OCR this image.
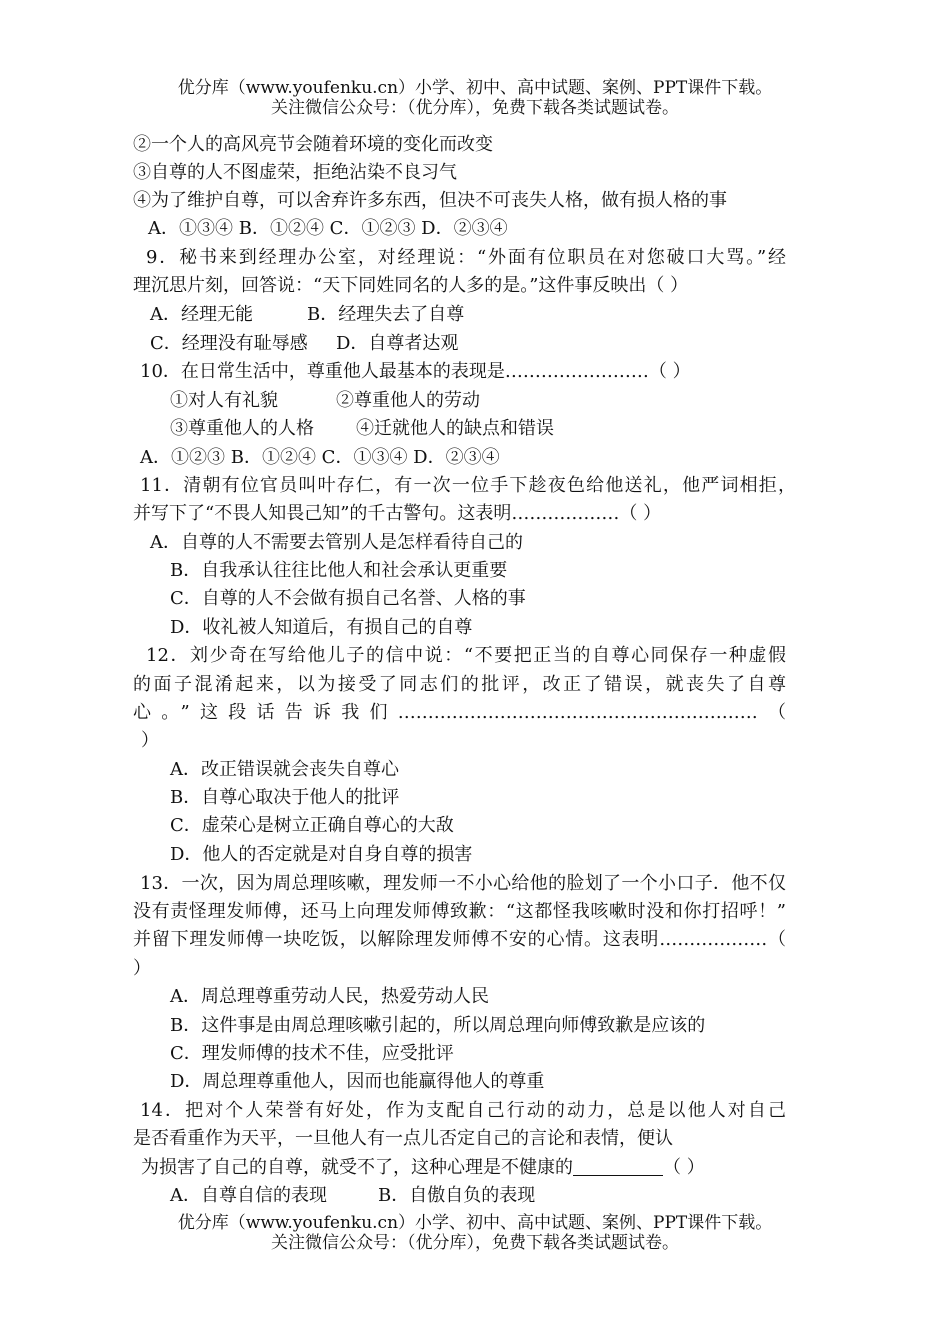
优分库（www.youfenku.cn）小学、初中、高中试题、案例、PPT课件下载。
关注微信公众号：（优分库），免费下载各类试题试卷。
②一个人的高风亮节会随着环境的变化而改变
③自尊的人不图虚荣，拒绝沾染不良习气
④为了维护自尊，可以舍弃许多东西，但决不可丧失人格，做有损人格的事
A．①③④ B．①②④ C．①②③ D．②③④
9．秘书来到经理办公室，对经理说：“外面有位职员在对您破口大骂。”经
理沉思片刻，回答说：“天下同姓同名的人多的是。”这件事反映出（ ）
A．经理无能	B．经理失去了自尊
C．经理没有耻辱感 D．自尊者达观
10．在日常生活中，尊重他人最基本的表现是……………………（ ）
①对人有礼貌	②尊重他人的劳动
③尊重他人的人格 ④迁就他人的缺点和错误
A．①②③ B．①②④ C．①③④ D．②③④
11．清朝有位官员叫叶存仁，有一次一位手下趁夜色给他送礼，他严词相拒，
并写下了“不畏人知畏己知”的千古警句。这表明………………（ ）
A．自尊的人不需要去管别人是怎样看待自己的
B．自我承认往往比他人和社会承认更重要
C．自尊的人不会做有损自己名誉、人格的事
D．收礼被人知道后，有损自己的自尊
12．刘少奇在写给他儿子的信中说：“不要把正当的自尊心同保存一种虚假
的面子混淆起来，以为接受了同志们的批评，改正了错误，就丧失了自尊
心。”这段话告诉我们……………………………………………………（
）
A．改正错误就会丧失自尊心
B．自尊心取决于他人的批评
C．虚荣心是树立正确自尊心的大敌
D．他人的否定就是对自身自尊的损害
13．一次，因为周总理咳嗽，理发师一不小心给他的脸划了一个小口子．他不仅
没有责怪理发师傅，还马上向理发师傅致歉：“这都怪我咳嗽时没和你打招呼！”
并留下理发师傅一块吃饭，以解除理发师傅不安的心情。这表明………………（
）
A．周总理尊重劳动人民，热爱劳动人民
B．这件事是由周总理咳嗽引起的，所以周总理向师傅致歉是应该的
C．理发师傅的技术不佳，应受批评
D．周总理尊重他人，因而也能赢得他人的尊重
14．把对个人荣誉有好处，作为支配自己行动的动力，总是以他人对自己
是否看重作为天平，一旦他人有一点儿否定自己的言论和表情，便认
为损害了自己的自尊，就受不了，这种心理是不健康的	（ ）
A．自尊自信的表现	B．自傲自负的表现
优分库（www.youfenku.cn）小学、初中、高中试题、案例、PPT课件下载。
关注微信公众号：（优分库），免费下载各类试题试卷。
